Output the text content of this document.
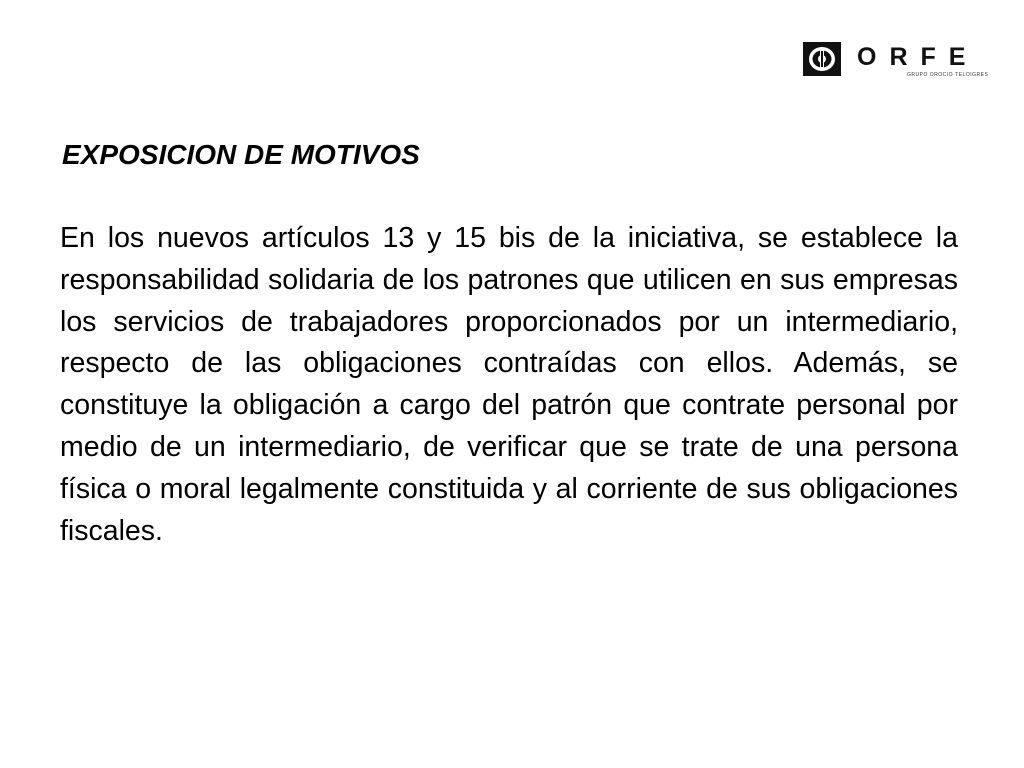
ORFE
GRUPO OROCIO·TELOIGRES
EXPOSICION DE MOTIVOS

En los nuevos artículos 13 y 15 bis de la iniciativa, se establece la responsabilidad solidaria de los patrones que utilicen en sus empresas los servicios de trabajadores proporcionados por un intermediario, respecto de las obligaciones contraídas con ellos. Además, se constituye la obligación a cargo del patrón que contrate personal por medio de un intermediario, de verificar que se trate de una persona física o moral legalmente constituida y al corriente de sus obligaciones fiscales.
